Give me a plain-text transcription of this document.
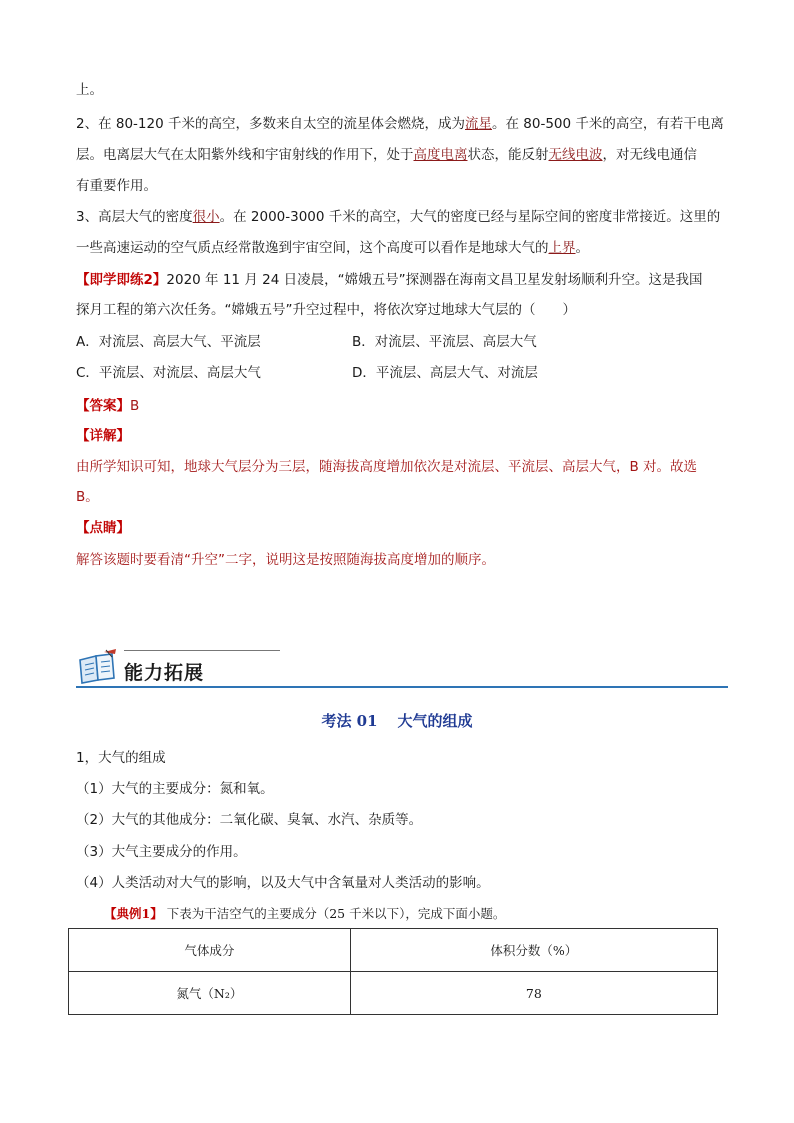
上。
2、在 80-120 千米的高空，多数来自太空的流星体会燃烧，成为流星。在 80-500 千米的高空，有若干电离
层。电离层大气在太阳紫外线和宇宙射线的作用下，处于高度电离状态，能反射无线电波，对无线电通信
有重要作用。
3、高层大气的密度很小。在 2000-3000 千米的高空，大气的密度已经与星际空间的密度非常接近。这里的
一些高速运动的空气质点经常散逸到宇宙空间，这个高度可以看作是地球大气的上界。
【即学即练2】2020 年 11 月 24 日凌晨，“嫦娥五号”探测器在海南文昌卫星发射场顺利升空。这是我国
探月工程的第六次任务。“嫦娥五号”升空过程中，将依次穿过地球大气层的（　　）
A．对流层、高层大气、平流层	B．对流层、平流层、高层大气
C．平流层、对流层、高层大气	D．平流层、高层大气、对流层
【答案】B
【详解】
由所学知识可知，地球大气层分为三层，随海拔高度增加依次是对流层、平流层、高层大气，B 对。故选
B。
【点睛】
解答该题时要看清“升空”二字，说明这是按照随海拔高度增加的顺序。
能力拓展
考法 01 大气的组成
1，大气的组成
（1）大气的主要成分：氮和氧。
（2）大气的其他成分：二氧化碳、臭氧、水汽、杂质等。
（3）大气主要成分的作用。
（4）人类活动对大气的影响，以及大气中含氧量对人类活动的影响。
【典例1】 下表为干洁空气的主要成分（25 千米以下），完成下面小题。
气体成分	体积分数（%）
氮气（N₂）	78
